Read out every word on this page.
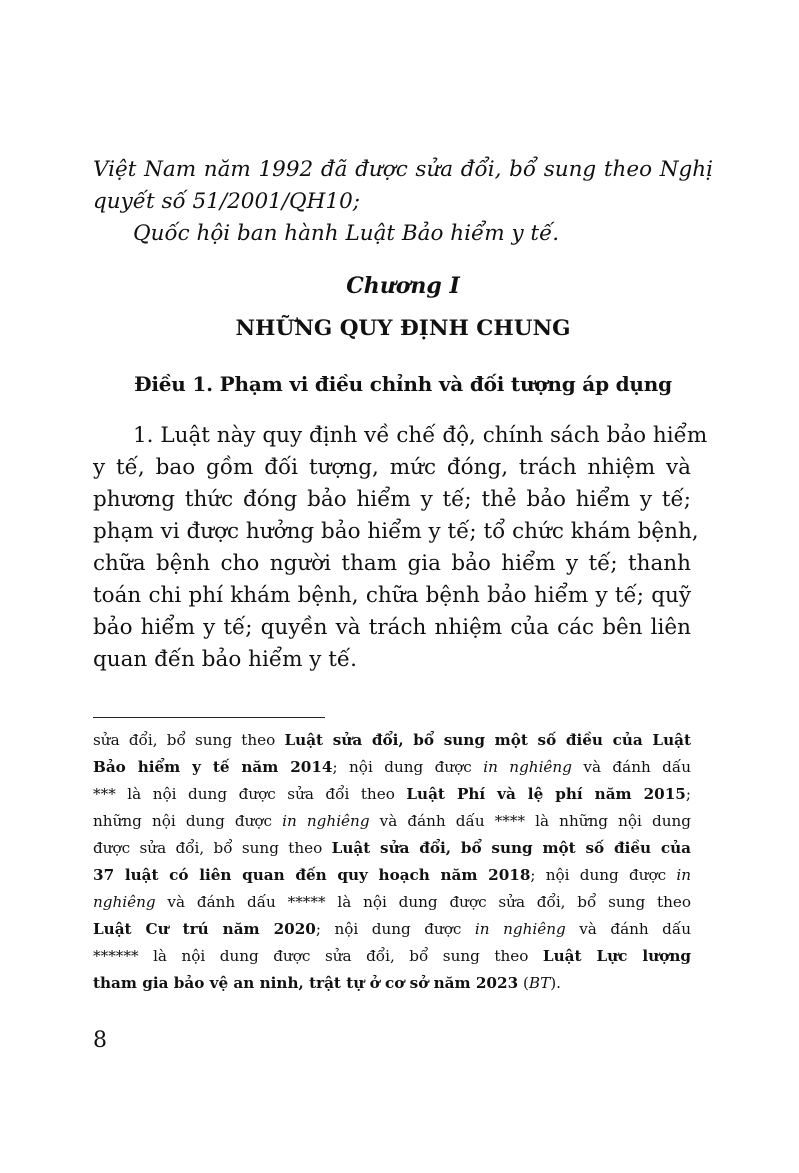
Việt Nam năm 1992 đã được sửa đổi, bổ sung theo Nghị
quyết số 51/2001/QH10;
Quốc hội ban hành Luật Bảo hiểm y tế.
Chương I
NHỮNG QUY ĐỊNH CHUNG
Điều 1. Phạm vi điều chỉnh và đối tượng áp dụng
1. Luật này quy định về chế độ, chính sách bảo hiểm
y tế, bao gồm đối tượng, mức đóng, trách nhiệm và
phương thức đóng bảo hiểm y tế; thẻ bảo hiểm y tế;
phạm vi được hưởng bảo hiểm y tế; tổ chức khám bệnh,
chữa bệnh cho người tham gia bảo hiểm y tế; thanh
toán chi phí khám bệnh, chữa bệnh bảo hiểm y tế; quỹ
bảo hiểm y tế; quyền và trách nhiệm của các bên liên
quan đến bảo hiểm y tế.
sửa đổi, bổ sung theo Luật sửa đổi, bổ sung một số điều của Luật
Bảo hiểm y tế năm 2014; nội dung được in nghiêng và đánh dấu
*** là nội dung được sửa đổi theo Luật Phí và lệ phí năm 2015;
những nội dung được in nghiêng và đánh dấu **** là những nội dung
được sửa đổi, bổ sung theo Luật sửa đổi, bổ sung một số điều của
37 luật có liên quan đến quy hoạch năm 2018; nội dung được in
nghiêng và đánh dấu ***** là nội dung được sửa đổi, bổ sung theo
Luật Cư trú năm 2020; nội dung được in nghiêng và đánh dấu
****** là nội dung được sửa đổi, bổ sung theo Luật Lực lượng
tham gia bảo vệ an ninh, trật tự ở cơ sở năm 2023 (BT).
8
